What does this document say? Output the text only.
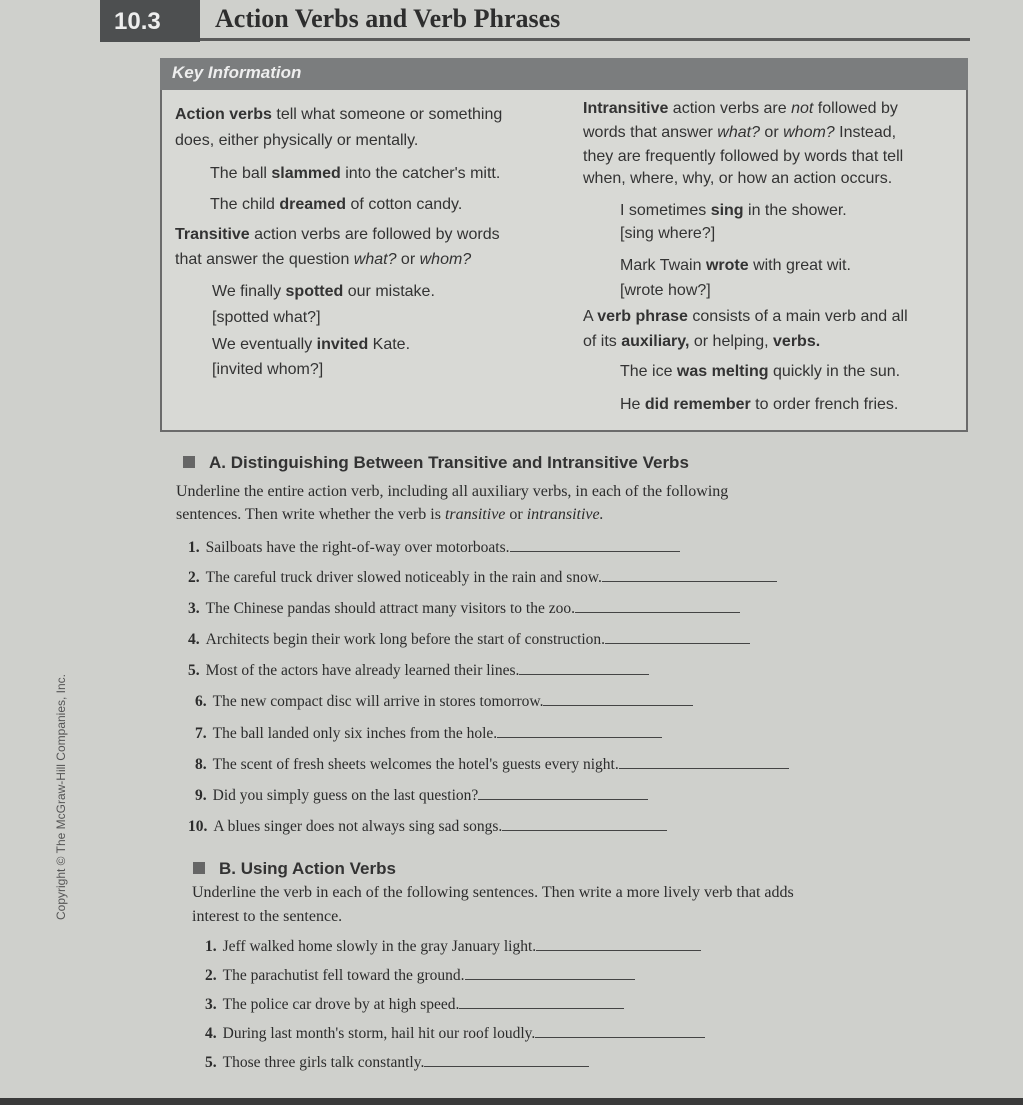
10.3	Action Verbs and Verb Phrases
Key Information
Action verbs tell what someone or something
does, either physically or mentally.
The ball slammed into the catcher's mitt.
The child dreamed of cotton candy.
Transitive action verbs are followed by words
that answer the question what? or whom?
We finally spotted our mistake.
[spotted what?]
We eventually invited Kate.
[invited whom?]
Intransitive action verbs are not followed by
words that answer what? or whom? Instead,
they are frequently followed by words that tell
when, where, why, or how an action occurs.
I sometimes sing in the shower.
[sing where?]
Mark Twain wrote with great wit.
[wrote how?]
A verb phrase consists of a main verb and all
of its auxiliary, or helping, verbs.
The ice was melting quickly in the sun.
He did remember to order french fries.
A. Distinguishing Between Transitive and Intransitive Verbs
Underline the entire action verb, including all auxiliary verbs, in each of the following
sentences. Then write whether the verb is transitive or intransitive.
1. Sailboats have the right-of-way over motorboats.
2. The careful truck driver slowed noticeably in the rain and snow.
3. The Chinese pandas should attract many visitors to the zoo.
4. Architects begin their work long before the start of construction.
5. Most of the actors have already learned their lines.
6. The new compact disc will arrive in stores tomorrow.
7. The ball landed only six inches from the hole.
8. The scent of fresh sheets welcomes the hotel's guests every night.
9. Did you simply guess on the last question?
10. A blues singer does not always sing sad songs.
B. Using Action Verbs
Underline the verb in each of the following sentences. Then write a more lively verb that adds
interest to the sentence.
1. Jeff walked home slowly in the gray January light.
2. The parachutist fell toward the ground.
3. The police car drove by at high speed.
4. During last month's storm, hail hit our roof loudly.
5. Those three girls talk constantly.
Copyright © The McGraw-Hill Companies, Inc.
